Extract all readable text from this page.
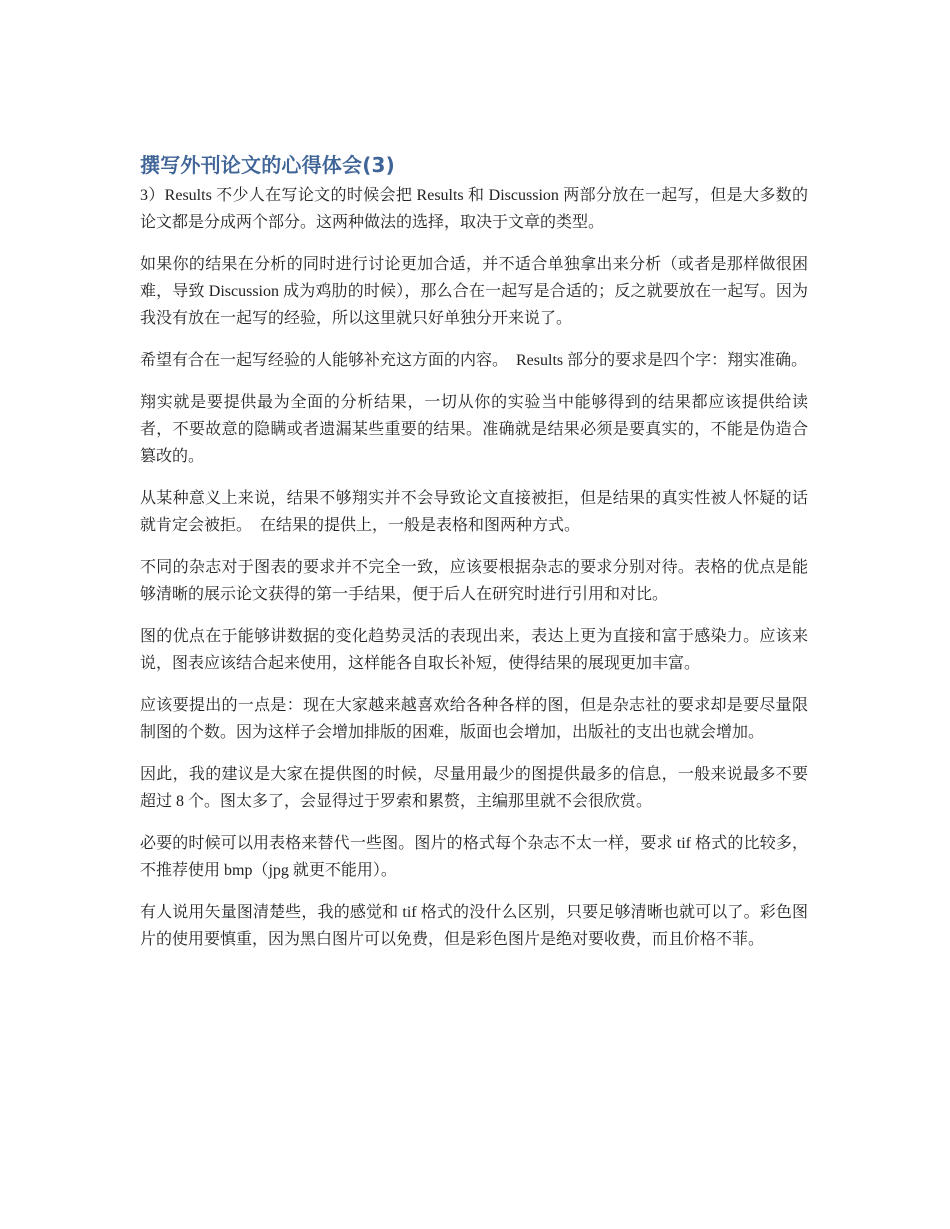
撰写外刊论文的心得体会(3)

3）Results 不少人在写论文的时候会把 Results 和 Discussion 两部分放在一起写，但是大多数的论文都是分成两个部分。这两种做法的选择，取决于文章的类型。

如果你的结果在分析的同时进行讨论更加合适，并不适合单独拿出来分析（或者是那样做很困难，导致 Discussion 成为鸡肋的时候），那么合在一起写是合适的；反之就要放在一起写。因为我没有放在一起写的经验，所以这里就只好单独分开来说了。

希望有合在一起写经验的人能够补充这方面的内容。　Results 部分的要求是四个字：翔实准确。

翔实就是要提供最为全面的分析结果，一切从你的实验当中能够得到的结果都应该提供给读者，不要故意的隐瞒或者遗漏某些重要的结果。准确就是结果必须是要真实的，不能是伪造合篡改的。

从某种意义上来说，结果不够翔实并不会导致论文直接被拒，但是结果的真实性被人怀疑的话就肯定会被拒。　在结果的提供上，一般是表格和图两种方式。

不同的杂志对于图表的要求并不完全一致，应该要根据杂志的要求分别对待。表格的优点是能够清晰的展示论文获得的第一手结果，便于后人在研究时进行引用和对比。

图的优点在于能够讲数据的变化趋势灵活的表现出来，表达上更为直接和富于感染力。应该来说，图表应该结合起来使用，这样能各自取长补短，使得结果的展现更加丰富。

应该要提出的一点是：现在大家越来越喜欢给各种各样的图，但是杂志社的要求却是要尽量限制图的个数。因为这样子会增加排版的困难，版面也会增加，出版社的支出也就会增加。

因此，我的建议是大家在提供图的时候，尽量用最少的图提供最多的信息，一般来说最多不要超过 8 个。图太多了，会显得过于罗索和累赘，主编那里就不会很欣赏。

必要的时候可以用表格来替代一些图。图片的格式每个杂志不太一样，要求 tif 格式的比较多，不推荐使用 bmp（jpg 就更不能用）。

有人说用矢量图清楚些，我的感觉和 tif 格式的没什么区别，只要足够清晰也就可以了。彩色图片的使用要慎重，因为黑白图片可以免费，但是彩色图片是绝对要收费，而且价格不菲。
